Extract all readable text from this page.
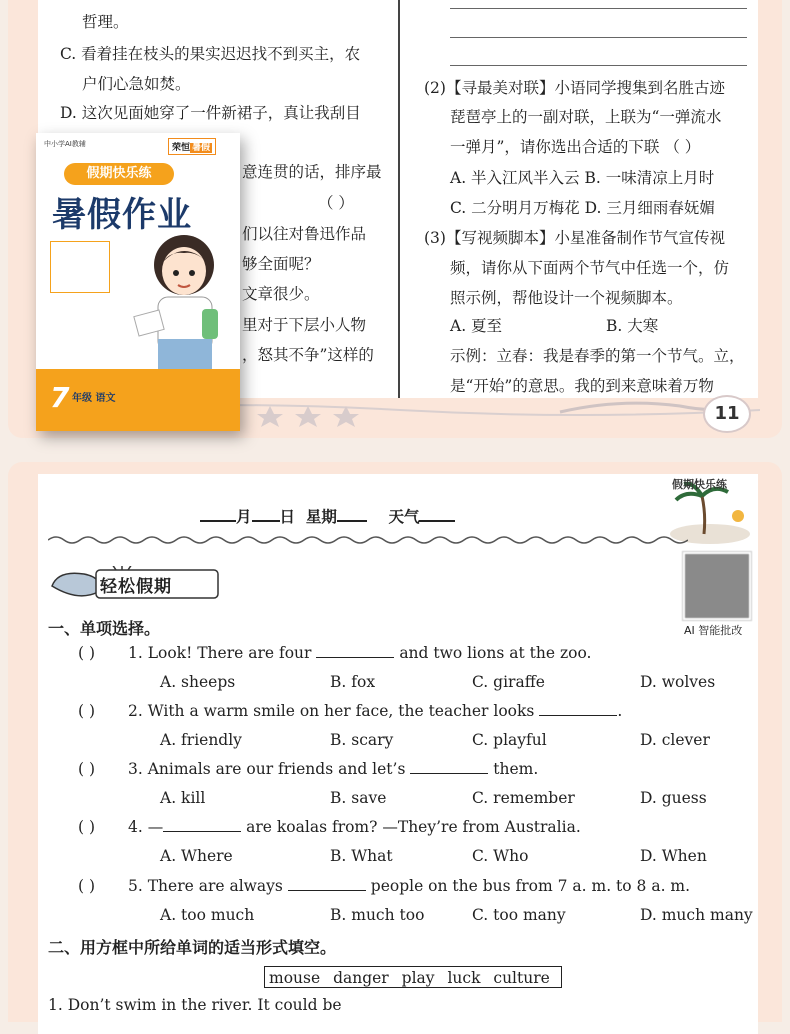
哲理。
C. 看着挂在枝头的果实迟迟找不到买主，农
户们心急如焚。
D. 这次见面她穿了一件新裙子，真让我刮目
意连贯的话，排序最
（ ）
们以往对鲁迅作品
够全面呢？
文章很少。
里对于下层小人物
，怒其不争”这样的
(2)【寻最美对联】小语同学搜集到名胜古迹
琵琶亭上的一副对联，上联为“一弹流水
一弹月”，请你选出合适的下联 （ ）
A. 半入江风半入云 B. 一味清凉上月时
C. 二分明月万梅花 D. 三月细雨春妩媚
(3)【写视频脚本】小星准备制作节气宣传视
频，请你从下面两个节气中任选一个，仿
照示例，帮他设计一个视频脚本。
A. 夏至	B. 大寒
示例：立春：我是春季的第一个节气。立，
是“开始”的意思。我的到来意味着万物
11
中小学AI教辅	荣恒 暑假
假期快乐练
暑假作业
7 年级 语文
假期快乐练
月 日 星期	天气
轻松假期
AI 智能批改
一、单项选择。
( ) 1. Look! There are four	and two lions at the zoo.
A. sheeps	B. fox	C. giraffe	D. wolves
( ) 2. With a warm smile on her face, the teacher looks	.
A. friendly	B. scary	C. playful	D. clever
( ) 3. Animals are our friends and let’s	them.
A. kill	B. save	C. remember	D. guess
( ) 4. —	are koalas from? —They’re from Australia.
A. Where	B. What	C. Who	D. When
( ) 5. There are always	people on the bus from 7 a. m. to 8 a. m.
A. too much	B. much too	C. too many	D. much many
二、用方框中所给单词的适当形式填空。
mouse danger play luck culture
1. Don’t swim in the river. It could be
